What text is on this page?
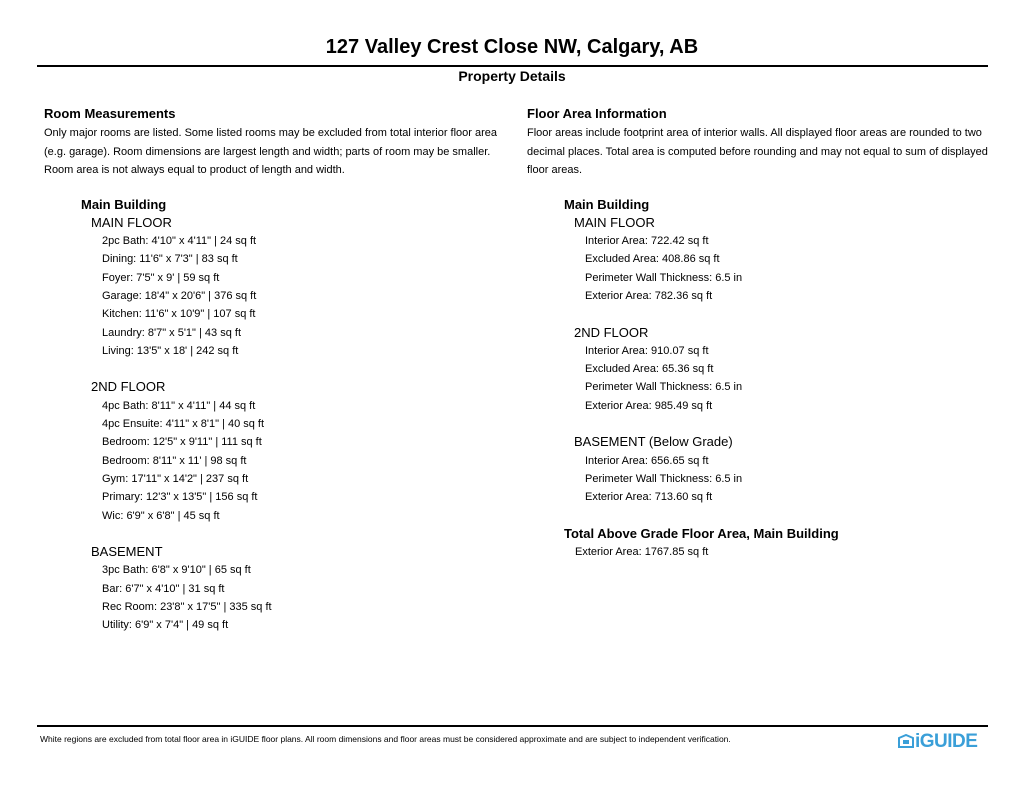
127 Valley Crest Close NW, Calgary, AB
Property Details

Room Measurements

Only major rooms are listed. Some listed rooms may be excluded from total interior floor area (e.g. garage). Room dimensions are largest length and width; parts of room may be smaller. Room area is not always equal to product of length and width.

Main Building
MAIN FLOOR
2pc Bath: 4'10" x 4'11" | 24 sq ft
Dining: 11'6" x 7'3" | 83 sq ft
Foyer: 7'5" x 9' | 59 sq ft
Garage: 18'4" x 20'6" | 376 sq ft
Kitchen: 11'6" x 10'9" | 107 sq ft
Laundry: 8'7" x 5'1" | 43 sq ft
Living: 13'5" x 18' | 242 sq ft
2ND FLOOR
4pc Bath: 8'11" x 4'11" | 44 sq ft
4pc Ensuite: 4'11" x 8'1" | 40 sq ft
Bedroom: 12'5" x 9'11" | 111 sq ft
Bedroom: 8'11" x 11' | 98 sq ft
Gym: 17'11" x 14'2" | 237 sq ft
Primary: 12'3" x 13'5" | 156 sq ft
Wic: 6'9" x 6'8" | 45 sq ft
BASEMENT
3pc Bath: 6'8" x 9'10" | 65 sq ft
Bar: 6'7" x 4'10" | 31 sq ft
Rec Room: 23'8" x 17'5" | 335 sq ft
Utility: 6'9" x 7'4" | 49 sq ft

Floor Area Information

Floor areas include footprint area of interior walls. All displayed floor areas are rounded to two decimal places. Total area is computed before rounding and may not equal to sum of displayed floor areas.

Main Building
MAIN FLOOR
Interior Area: 722.42 sq ft
Excluded Area: 408.86 sq ft
Perimeter Wall Thickness: 6.5 in
Exterior Area: 782.36 sq ft
2ND FLOOR
Interior Area: 910.07 sq ft
Excluded Area: 65.36 sq ft
Perimeter Wall Thickness: 6.5 in
Exterior Area: 985.49 sq ft
BASEMENT (Below Grade)
Interior Area: 656.65 sq ft
Perimeter Wall Thickness: 6.5 in
Exterior Area: 713.60 sq ft
Total Above Grade Floor Area, Main Building
Exterior Area: 1767.85 sq ft
White regions are excluded from total floor area in iGUIDE floor plans. All room dimensions and floor areas must be considered approximate and are subject to independent verification.	iGUIDE
